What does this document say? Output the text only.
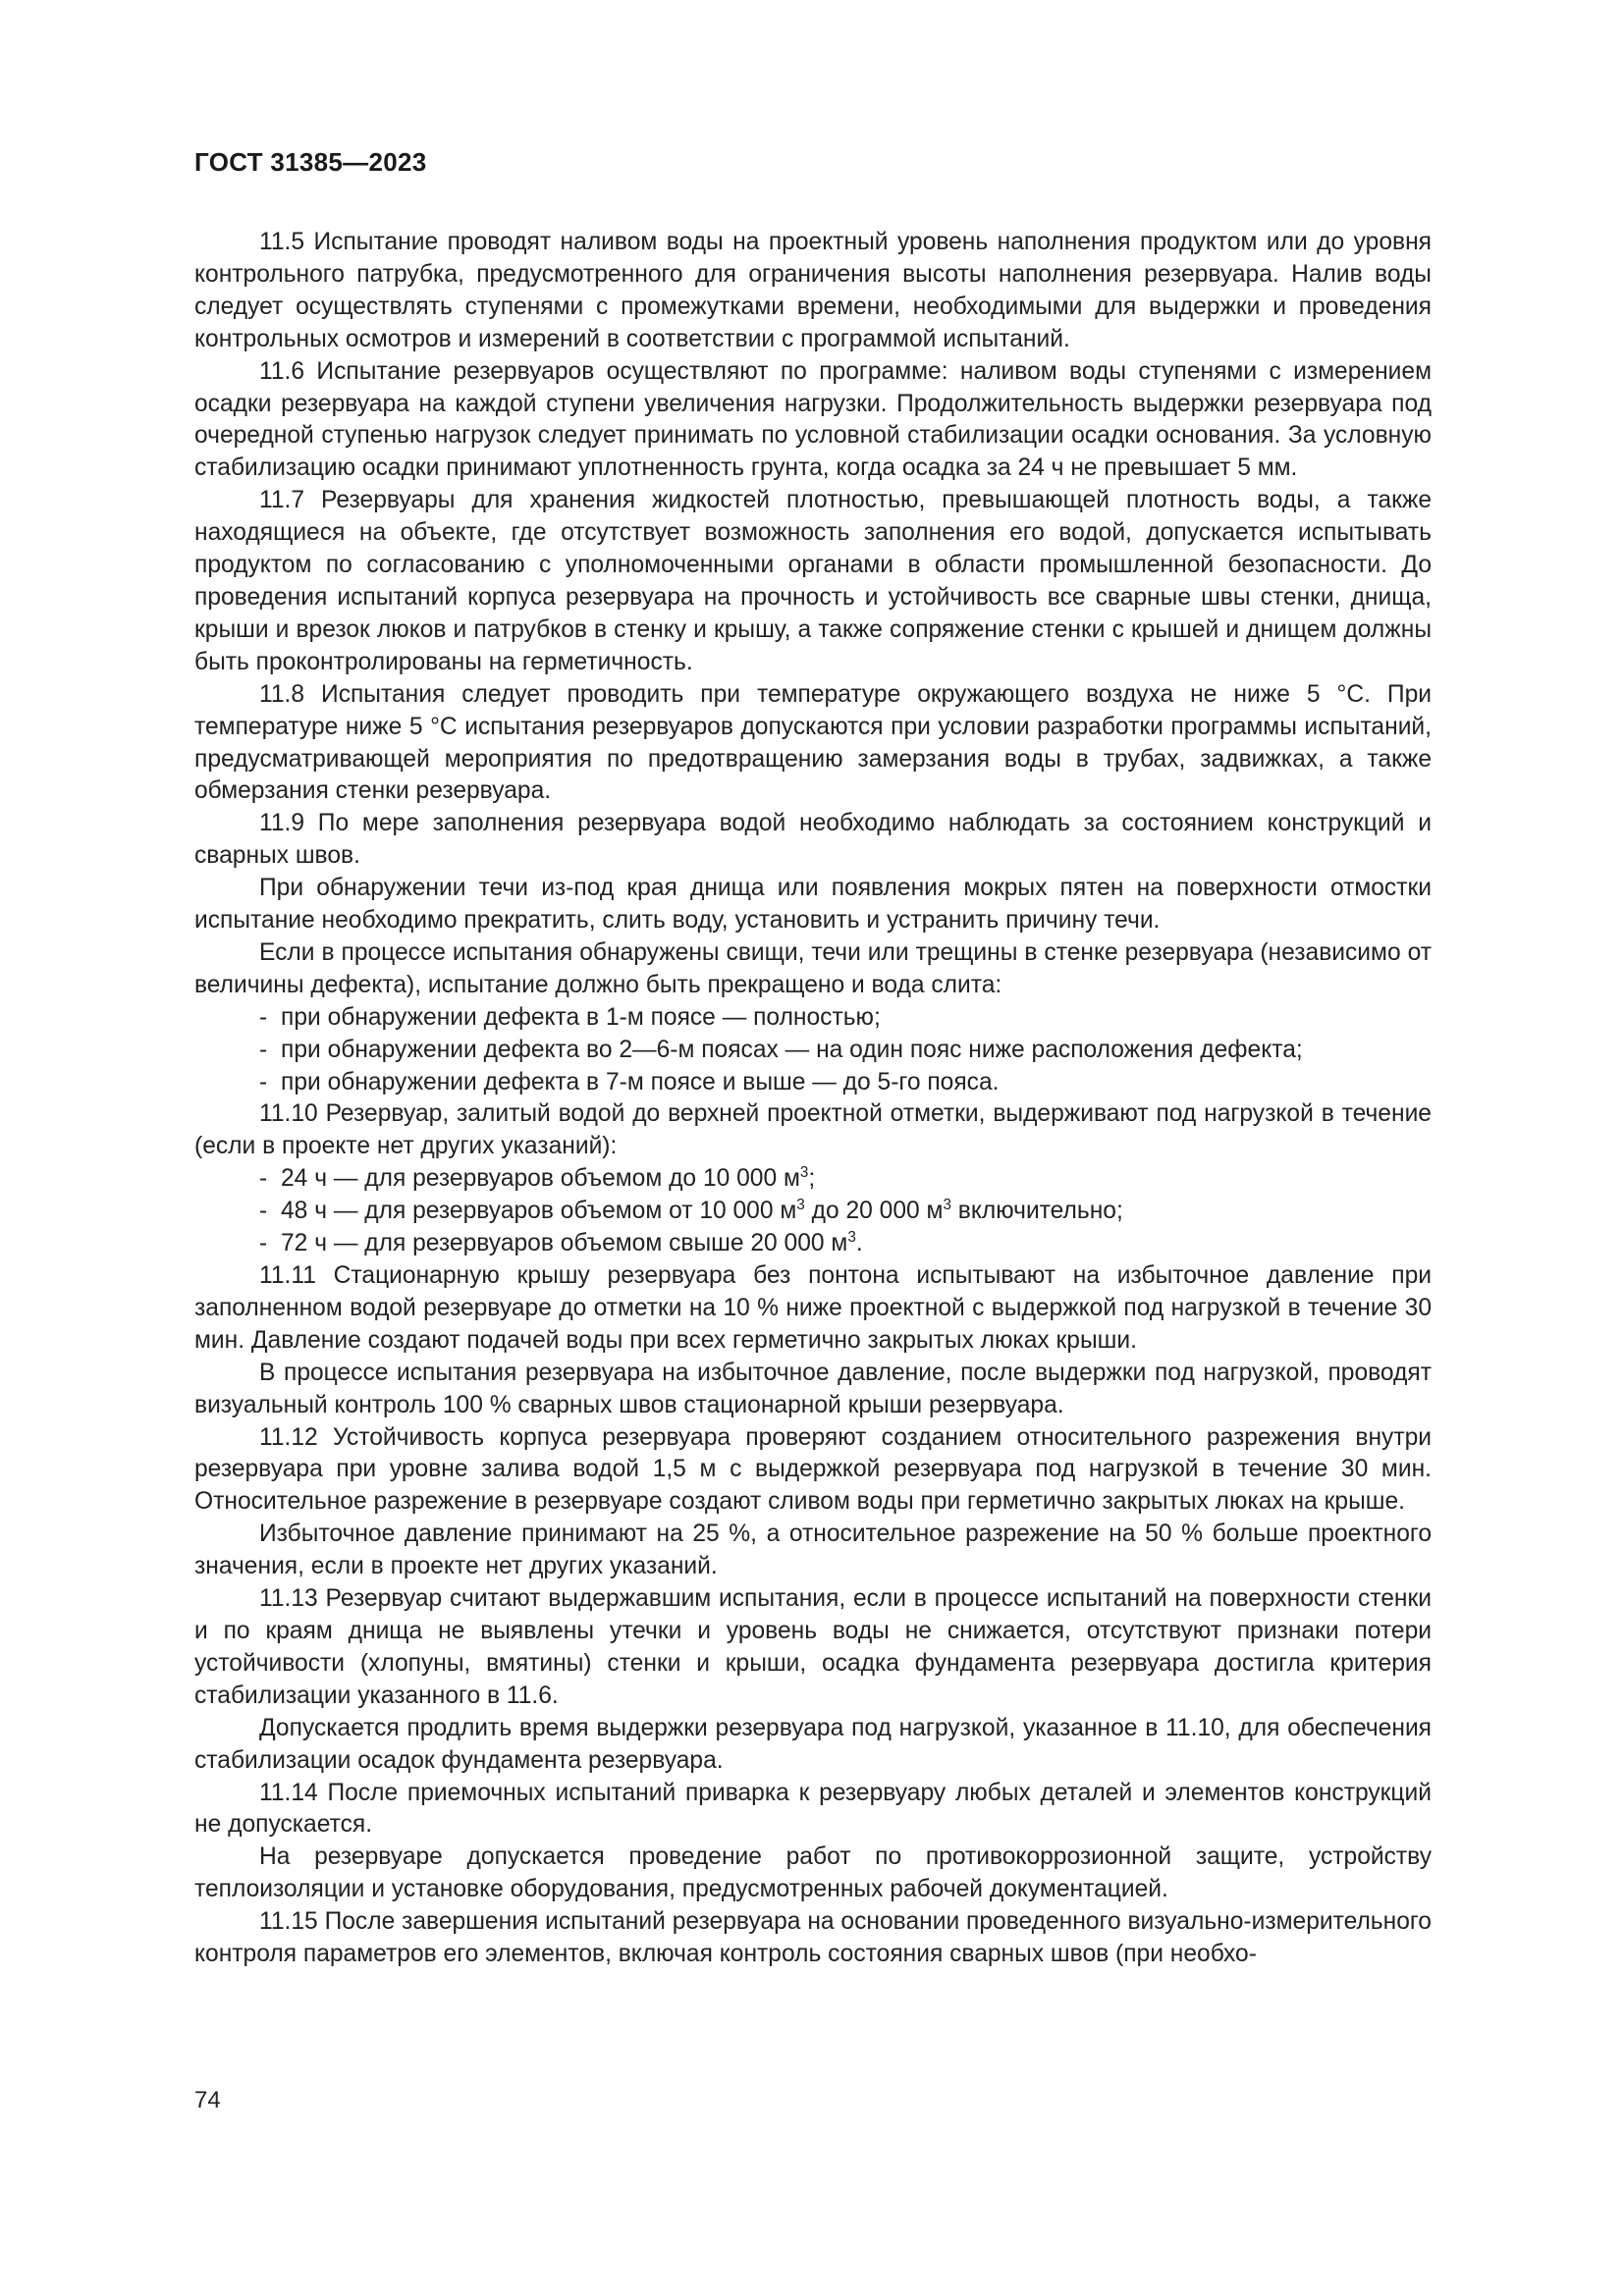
ГОСТ 31385—2023

11.5 Испытание проводят наливом воды на проектный уровень наполнения продуктом или до уровня контрольного патрубка, предусмотренного для ограничения высоты наполнения резервуара. Налив воды следует осуществлять ступенями с промежутками времени, необходимыми для выдержки и проведения контрольных осмотров и измерений в соответствии с программой испытаний.

11.6 Испытание резервуаров осуществляют по программе: наливом воды ступенями с измерением осадки резервуара на каждой ступени увеличения нагрузки. Продолжительность выдержки резервуара под очередной ступенью нагрузок следует принимать по условной стабилизации осадки основания. За условную стабилизацию осадки принимают уплотненность грунта, когда осадка за 24 ч не превышает 5 мм.

11.7 Резервуары для хранения жидкостей плотностью, превышающей плотность воды, а также находящиеся на объекте, где отсутствует возможность заполнения его водой, допускается испытывать продуктом по согласованию с уполномоченными органами в области промышленной безопасности. До проведения испытаний корпуса резервуара на прочность и устойчивость все сварные швы стенки, днища, крыши и врезок люков и патрубков в стенку и крышу, а также сопряжение стенки с крышей и днищем должны быть проконтролированы на герметичность.

11.8 Испытания следует проводить при температуре окружающего воздуха не ниже 5 °С. При температуре ниже 5 °С испытания резервуаров допускаются при условии разработки программы испытаний, предусматривающей мероприятия по предотвращению замерзания воды в трубах, задвижках, а также обмерзания стенки резервуара.

11.9 По мере заполнения резервуара водой необходимо наблюдать за состоянием конструкций и сварных швов.

При обнаружении течи из-под края днища или появления мокрых пятен на поверхности отмостки испытание необходимо прекратить, слить воду, установить и устранить причину течи.

Если в процессе испытания обнаружены свищи, течи или трещины в стенке резервуара (независимо от величины дефекта), испытание должно быть прекращено и вода слита:

- при обнаружении дефекта в 1-м поясе — полностью;

- при обнаружении дефекта во 2—6-м поясах — на один пояс ниже расположения дефекта;

- при обнаружении дефекта в 7-м поясе и выше — до 5-го пояса.

11.10 Резервуар, залитый водой до верхней проектной отметки, выдерживают под нагрузкой в течение (если в проекте нет других указаний):

- 24 ч — для резервуаров объемом до 10 000 $м^3$;

- 48 ч — для резервуаров объемом от 10 000 $м^3$ до 20 000 $м^3$ включительно;

- 72 ч — для резервуаров объемом свыше 20 000 $м^3$.

11.11 Стационарную крышу резервуара без понтона испытывают на избыточное давление при заполненном водой резервуаре до отметки на 10 % ниже проектной с выдержкой под нагрузкой в течение 30 мин. Давление создают подачей воды при всех герметично закрытых люках крыши.

В процессе испытания резервуара на избыточное давление, после выдержки под нагрузкой, проводят визуальный контроль 100 % сварных швов стационарной крыши резервуара.

11.12 Устойчивость корпуса резервуара проверяют созданием относительного разрежения внутри резервуара при уровне залива водой 1,5 м с выдержкой резервуара под нагрузкой в течение 30 мин. Относительное разрежение в резервуаре создают сливом воды при герметично закрытых люках на крыше.

Избыточное давление принимают на 25 %, а относительное разрежение на 50 % больше проектного значения, если в проекте нет других указаний.

11.13 Резервуар считают выдержавшим испытания, если в процессе испытаний на поверхности стенки и по краям днища не выявлены утечки и уровень воды не снижается, отсутствуют признаки потери устойчивости (хлопуны, вмятины) стенки и крыши, осадка фундамента резервуара достигла критерия стабилизации указанного в 11.6.

Допускается продлить время выдержки резервуара под нагрузкой, указанное в 11.10, для обеспечения стабилизации осадок фундамента резервуара.

11.14 После приемочных испытаний приварка к резервуару любых деталей и элементов конструкций не допускается.

На резервуаре допускается проведение работ по противокоррозионной защите, устройству теплоизоляции и установке оборудования, предусмотренных рабочей документацией.

11.15 После завершения испытаний резервуара на основании проведенного визуально-измерительного контроля параметров его элементов, включая контроль состояния сварных швов (при необхо-

74
